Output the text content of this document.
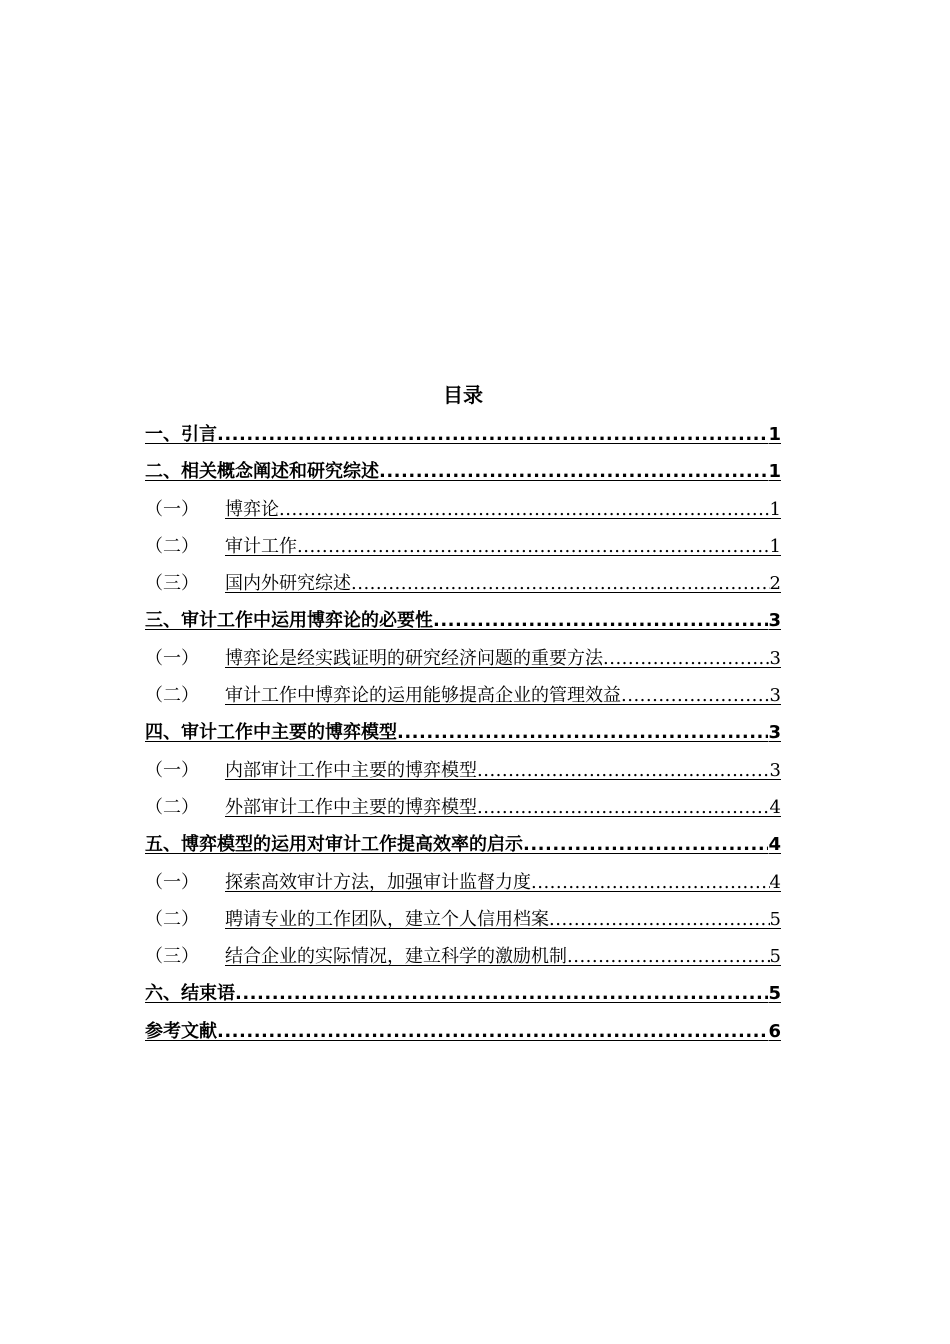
目录
一、引言 .....	1
二、相关概念阐述和研究综述 .....	1
（一） 博弈论 .....	1
（二） 审计工作 .....	1
（三） 国内外研究综述 .....	2
三、审计工作中运用博弈论的必要性 .....	3
（一） 博弈论是经实践证明的研究经济问题的重要方法 .....	3
（二） 审计工作中博弈论的运用能够提高企业的管理效益 .....	3
四、审计工作中主要的博弈模型 .....	3
（一） 内部审计工作中主要的博弈模型 .....	3
（二） 外部审计工作中主要的博弈模型 .....	4
五、博弈模型的运用对审计工作提高效率的启示 .....	4
（一） 探索高效审计方法，加强审计监督力度 .....	4
（二） 聘请专业的工作团队，建立个人信用档案 .....	5
（三） 结合企业的实际情况，建立科学的激励机制 .....	5
六、结束语 .....	5
参考文献 .....	6
